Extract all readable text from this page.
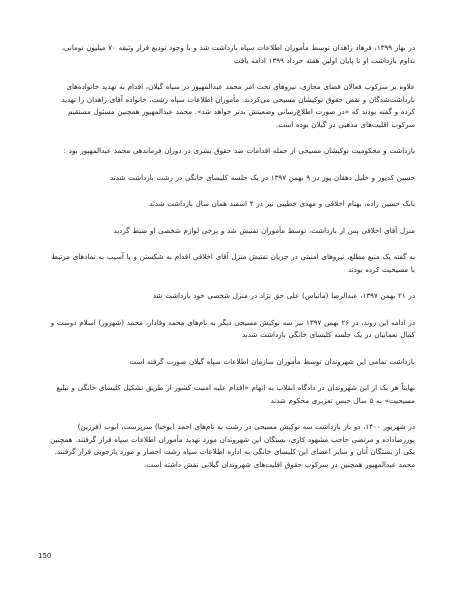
در بهار ۱۳۹۹، فرهاد زاهدان توسط مأموران اطلاعات سپاه بازداشت شد و با وجود تودیع قرار وثیقه ۷۰ میلیون تومانی، تداوم بازداشت او تا پایان اولین هفته خرداد ۱۳۹۹ ادامه یافت

علاوه بر سرکوب فعالان فضای مجازی، نیروهای تحت امر محمد عبدالمهپور در سپاه گیلان، اقدام به تهدید خانواده‌های بازداشت‌شدگان و نقض حقوق نوکیشان مسیحی می‌کردند. مأموران اطلاعات سپاه رشت، خانواده آقای زاهدان را تهدید کرده و گفته بودند که «در صورت اطلاع‌رسانی وضعیتش بدتر خواهد شد». محمد عبدالمهپور همچنین مسئول مستقیم سرکوب اقلیت‌های مذهبی در گیلان بوده است.

بازداشت و محکومیت نوکیشان مسیحی از جمله اقدامات ضد حقوق بشری در دوران فرماندهی محمد عبدالمهپور بود :

حسین کدیور و خلیل دهقان پور در ۹ بهمن ۱۳۹۷ در یک جلسه کلیسای خانگی در رشت بازداشت شدند

بابک حسین زاده، بهنام اخلاقی و مهدی خطیبی نیز در ۴ اسفند همان سال بازداشت شدند

منزل آقای اخلاقی پس از بازداشت، توسط مأموران تفتیش شد و برخی لوازم شخصی او ضبط گردید

به گفته یک منبع مطلع، نیروهای امنیتی در جریان تفتیش منزل آقای اخلاقی اقدام به شکستن و یا آسیب به نمادهای مرتبط با مسیحیت کرده بودند

در ۲۱ بهمن ۱۳۹۷، عبدالرضا (ماتیاس) علی حق نژاد در منزل شخصی خود بازداشت شد

در ادامه این روند، در ۲۶ بهمن ۱۳۹۷ نیز سه نوکیش مسیحی دیگر به نام‌های محمد وفادار، محمد (شهروز) اسلام دوست و کمال نعمانیان در یک جلسه کلیسای خانگی بازداشت شدند

بازداشت تمامی این شهروندان توسط مأموران سازمان اطلاعات سپاه گیلان صورت گرفته است

نهایتاً هر یک از این شهروندان در دادگاه انقلاب به اتهام «اقدام علیه امنیت کشور از طریق تشکیل کلیسای خانگی و تبلیغ مسیحیت» به ۵ سال حبس تعزیری محکوم شدند

در شهریور ۱۴۰۰، دو بار بازداشت سه نوکیش مسیحی در رشت به نام‌های احمد (یوحنا) سرپرست، ایوب (فرزین) پوررضاداده و مرتضی حاجب مشهود کاری، بستگان این شهروندان مورد تهدید مأموران اطلاعات سپاه قرار گرفتند. همچنین یکی از بستگان آنان و سایر اعضای این کلیسای خانگی به اداره اطلاعات سپاه رشت احضار و مورد بازجویی قرار گرفتند. محمد عبدالمهپور همچنین در سرکوب حقوق اقلیت‌های شهروندان گیلانی نقش داشته است.

150
